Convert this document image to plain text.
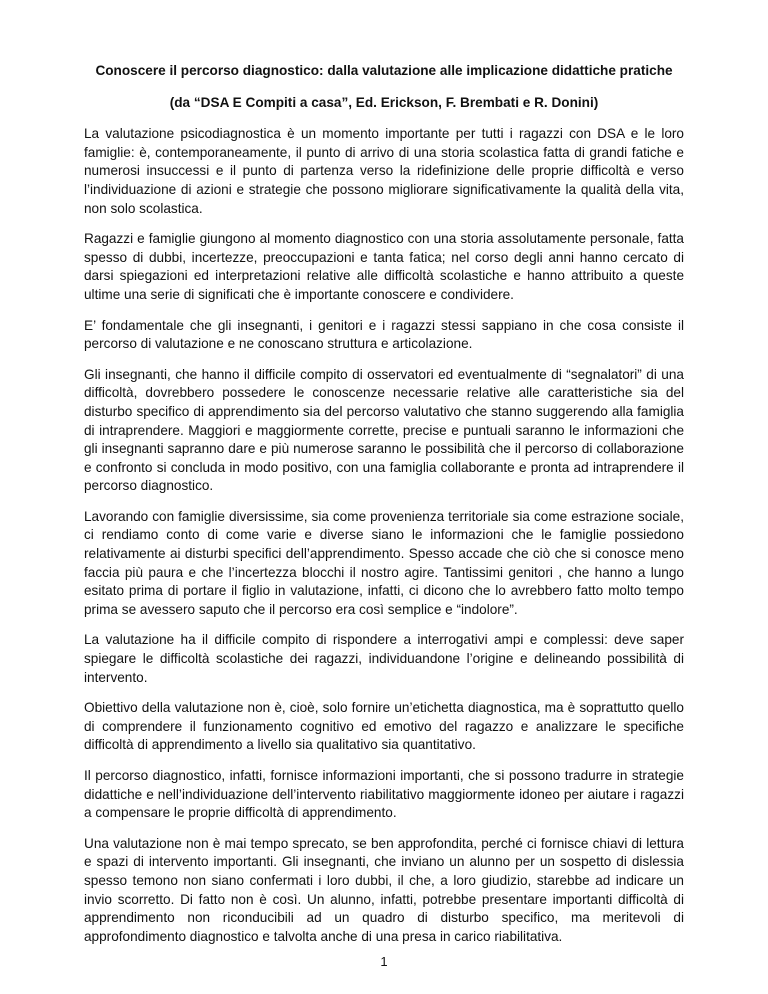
Conoscere il percorso diagnostico: dalla valutazione alle implicazione didattiche pratiche
(da “DSA E Compiti a casa”, Ed. Erickson, F. Brembati e R. Donini)

La valutazione psicodiagnostica è un momento importante per tutti i ragazzi con DSA e le loro famiglie: è, contemporaneamente, il punto di arrivo di una storia scolastica fatta di grandi fatiche e numerosi insuccessi e il punto di partenza verso la ridefinizione delle proprie difficoltà e verso l’individuazione di azioni e strategie che possono migliorare significativamente la qualità della vita, non solo scolastica.

Ragazzi e famiglie giungono al momento diagnostico con una storia assolutamente personale, fatta spesso di dubbi, incertezze, preoccupazioni e tanta fatica; nel corso degli anni hanno cercato di darsi spiegazioni ed interpretazioni relative alle difficoltà scolastiche e hanno attribuito a queste ultime una serie di significati che è importante conoscere e condividere.

E’ fondamentale che gli insegnanti, i genitori e i ragazzi stessi sappiano in che cosa consiste il percorso di valutazione e ne conoscano struttura e articolazione.

Gli insegnanti, che hanno il difficile compito di osservatori ed eventualmente di “segnalatori” di una difficoltà, dovrebbero possedere le conoscenze necessarie relative alle caratteristiche sia del disturbo specifico di apprendimento sia del percorso valutativo che stanno suggerendo alla famiglia di intraprendere. Maggiori e maggiormente corrette, precise e puntuali saranno le informazioni che gli insegnanti sapranno dare e più numerose saranno le possibilità che il percorso di collaborazione e confronto si concluda in modo positivo, con una famiglia collaborante e pronta ad intraprendere il percorso diagnostico.

Lavorando con famiglie diversissime, sia come provenienza territoriale sia come estrazione sociale, ci rendiamo conto di come varie e diverse siano le informazioni che le famiglie possiedono relativamente ai disturbi specifici dell’apprendimento. Spesso accade che ciò che si conosce meno faccia più paura e che l’incertezza blocchi il nostro agire. Tantissimi genitori , che hanno a lungo esitato prima di portare il figlio in valutazione, infatti, ci dicono che lo avrebbero fatto molto tempo prima se avessero saputo che il percorso era così semplice e “indolore”.

La valutazione ha il difficile compito di rispondere a interrogativi ampi e complessi: deve saper spiegare le difficoltà scolastiche dei ragazzi, individuandone l’origine e delineando possibilità di intervento.

Obiettivo della valutazione non è, cioè, solo fornire un’etichetta diagnostica, ma è soprattutto quello di comprendere il funzionamento cognitivo ed emotivo del ragazzo e analizzare le specifiche difficoltà di apprendimento a livello sia qualitativo sia quantitativo.

Il percorso diagnostico, infatti, fornisce informazioni importanti, che si possono tradurre in strategie didattiche e nell’individuazione dell’intervento riabilitativo maggiormente idoneo per aiutare i ragazzi a compensare le proprie difficoltà di apprendimento.

Una valutazione non è mai tempo sprecato, se ben approfondita, perché ci fornisce chiavi di lettura e spazi di intervento importanti. Gli insegnanti, che inviano un alunno per un sospetto di dislessia spesso temono non siano confermati i loro dubbi, il che, a loro giudizio, starebbe ad indicare un invio scorretto. Di fatto non è così. Un alunno, infatti, potrebbe presentare importanti difficoltà di apprendimento non riconducibili ad un quadro di disturbo specifico, ma meritevoli di approfondimento diagnostico e talvolta anche di una presa in carico riabilitativa.

1
